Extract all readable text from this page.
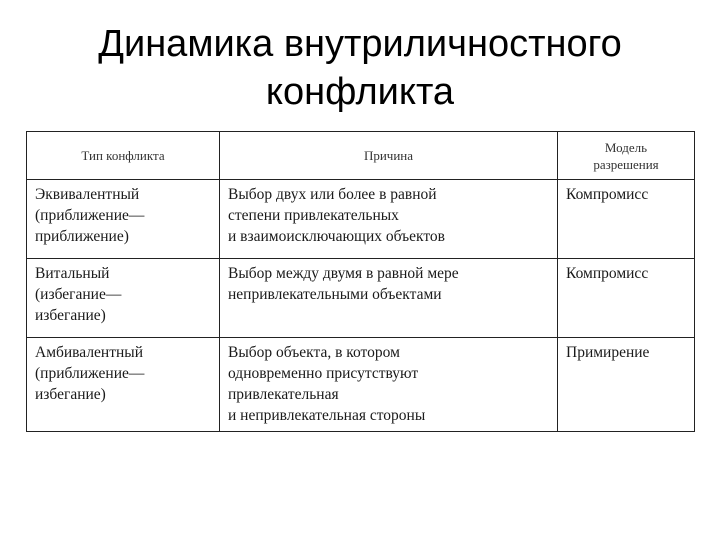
Динамика внутриличностного
конфликта
Тип конфликта	Причина	Модель
разрешения

Эквивалентный
(приближение—
приближение)	Выбор двух или более в равной
степени привлекательных
и взаимоисключающих объектов	Компромисс

Витальный
(избегание—
избегание)	Выбор между двумя в равной мере
непривлекательными объектами	Компромисс

Амбивалентный
(приближение—
избегание)	Выбор объекта, в котором
одновременно присутствуют
привлекательная
и непривлекательная стороны	Примирение
